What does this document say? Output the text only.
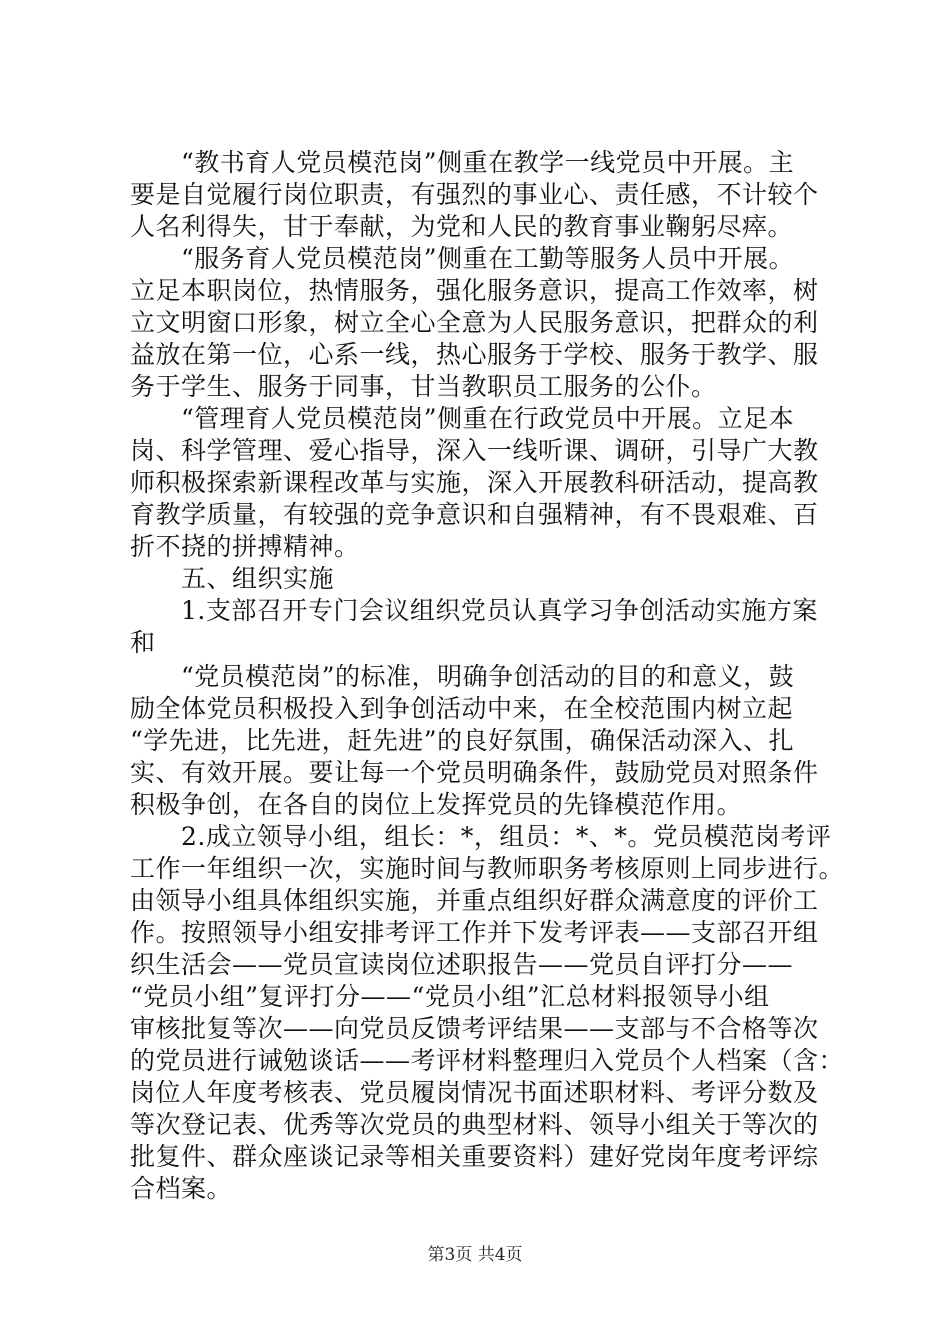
　　“教书育人党员模范岗”侧重在教学一线党员中开展。主
要是自觉履行岗位职责，有强烈的事业心、责任感，不计较个
人名利得失，甘于奉献，为党和人民的教育事业鞠躬尽瘁。
　　“服务育人党员模范岗”侧重在工勤等服务人员中开展。
立足本职岗位，热情服务，强化服务意识，提高工作效率，树
立文明窗口形象，树立全心全意为人民服务意识，把群众的利
益放在第一位，心系一线，热心服务于学校、服务于教学、服
务于学生、服务于同事，甘当教职员工服务的公仆。
　　“管理育人党员模范岗”侧重在行政党员中开展。立足本
岗、科学管理、爱心指导，深入一线听课、调研，引导广大教
师积极探索新课程改革与实施，深入开展教科研活动，提高教
育教学质量，有较强的竞争意识和自强精神，有不畏艰难、百
折不挠的拼搏精神。
　　五、组织实施
　　1.支部召开专门会议组织党员认真学习争创活动实施方案
和
　　“党员模范岗”的标准，明确争创活动的目的和意义，鼓
励全体党员积极投入到争创活动中来，在全校范围内树立起
“学先进，比先进，赶先进”的良好氛围，确保活动深入、扎
实、有效开展。要让每一个党员明确条件，鼓励党员对照条件
积极争创，在各自的岗位上发挥党员的先锋模范作用。
　　2.成立领导小组，组长：*，组员：*、*。党员模范岗考评
工作一年组织一次，实施时间与教师职务考核原则上同步进行。
由领导小组具体组织实施，并重点组织好群众满意度的评价工
作。按照领导小组安排考评工作并下发考评表——支部召开组
织生活会——党员宣读岗位述职报告——党员自评打分——
“党员小组”复评打分——“党员小组”汇总材料报领导小组
审核批复等次——向党员反馈考评结果——支部与不合格等次
的党员进行诫勉谈话——考评材料整理归入党员个人档案（含：
岗位人年度考核表、党员履岗情况书面述职材料、考评分数及
等次登记表、优秀等次党员的典型材料、领导小组关于等次的
批复件、群众座谈记录等相关重要资料）建好党岗年度考评综
合档案。
第3页 共4页
